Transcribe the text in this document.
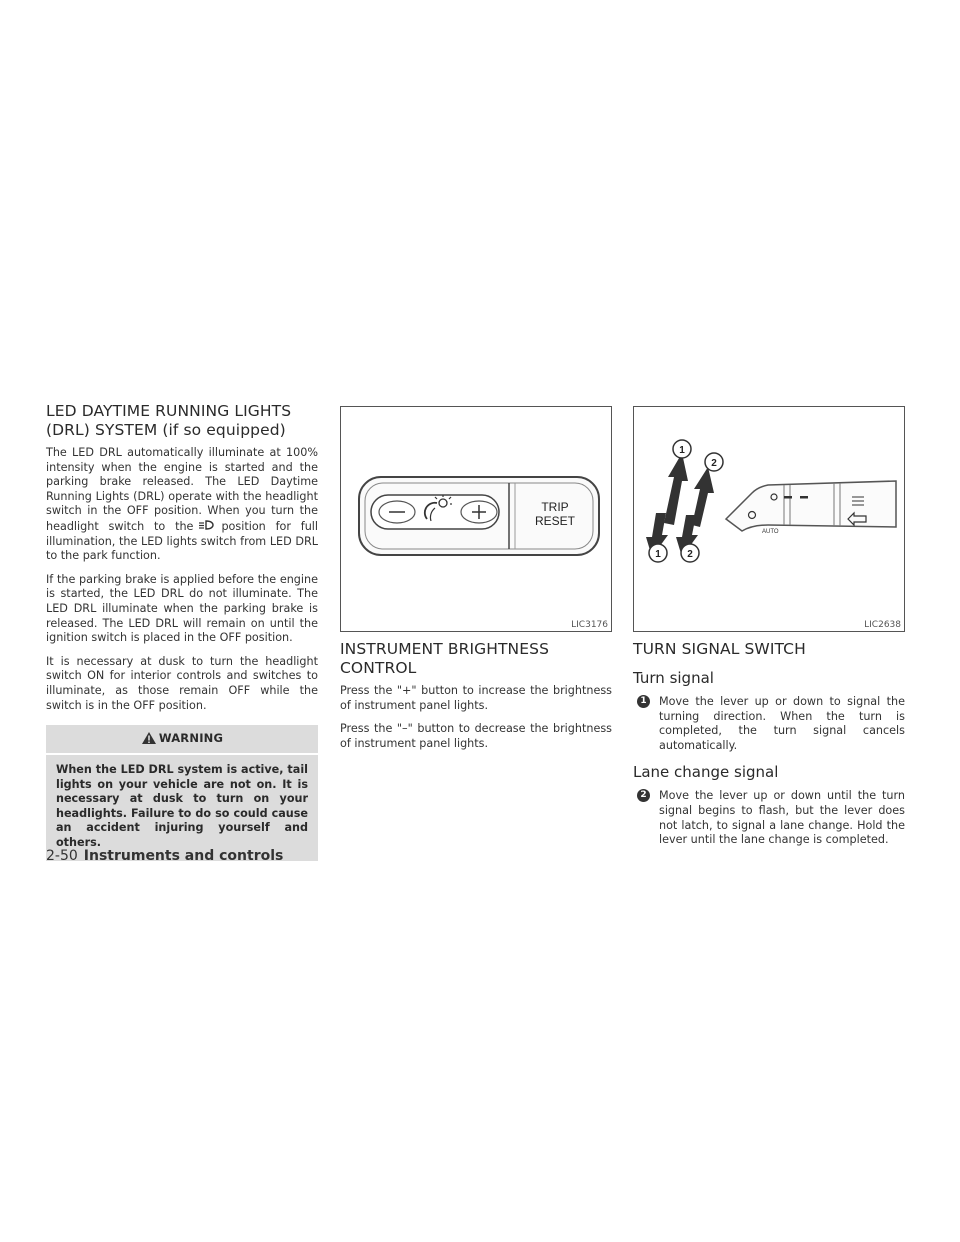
LED DAYTIME RUNNING LIGHTS
(DRL) SYSTEM (if so equipped)

The LED DRL automatically illuminate at 100% intensity when the engine is started and the parking brake released. The LED Daytime Running Lights (DRL) operate with the headlight switch in the OFF position. When you turn the headlight switch to the	position for full illumination, the LED lights switch from LED DRL to the park function.

If the parking brake is applied before the engine is started, the LED DRL do not illuminate. The LED DRL illuminate when the parking brake is released. The LED DRL will remain on until the ignition switch is placed in the OFF position.

It is necessary at dusk to turn the headlight switch ON for interior controls and switches to illuminate, as those remain OFF while the switch is in the OFF position.

WARNING
When the LED DRL system is active, tail lights on your vehicle are not on. It is necessary at dusk to turn on your headlights. Failure to do so could cause an accident injuring yourself and others.
TRIP
RESET
LIC3176
INSTRUMENT BRIGHTNESS
CONTROL

Press the "+" button to increase the brightness of instrument panel lights.

Press the "–" button to decrease the brightness of instrument panel lights.

AUTO
1
2
1	2
LIC2638
TURN SIGNAL SWITCH
Turn signal
1	Move the lever up or down to signal the turning direction. When the turn is completed, the turn signal cancels automatically.
Lane change signal
2	Move the lever up or down until the turn signal begins to flash, but the lever does not latch, to signal a lane change. Hold the lever until the lane change is completed.
2-50 Instruments and controls
